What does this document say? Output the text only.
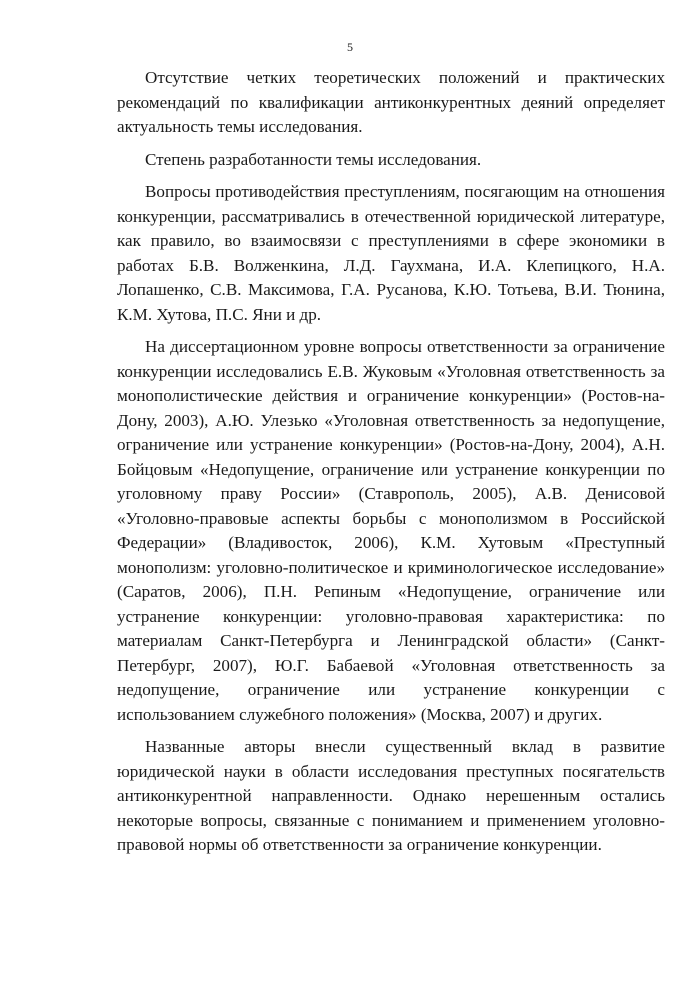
5

Отсутствие четких теоретических положений и практических рекомендаций по квалификации антиконкурентных деяний определяет актуальность темы исследования.

Степень разработанности темы исследования.

Вопросы противодействия преступлениям, посягающим на отношения конкуренции, рассматривались в отечественной юридической литературе, как правило, во взаимосвязи с преступлениями в сфере экономики в работах Б.В. Волженкина, Л.Д. Гаухмана, И.А. Клепицкого, Н.А. Лопашенко, С.В. Максимова, Г.А. Русанова, К.Ю. Тотьева, В.И. Тюнина, К.М. Хутова, П.С. Яни и др.

На диссертационном уровне вопросы ответственности за ограничение конкуренции исследовались Е.В. Жуковым «Уголовная ответственность за монополистические действия и ограничение конкуренции» (Ростов-на-Дону, 2003), А.Ю. Улезько «Уголовная ответственность за недопущение, ограничение или устранение конкуренции» (Ростов-на-Дону, 2004), А.Н. Бойцовым «Недопущение, ограничение или устранение конкуренции по уголовному праву России» (Ставрополь, 2005), А.В. Денисовой «Уголовно-правовые аспекты борьбы с монополизмом в Российской Федерации» (Владивосток, 2006), К.М. Хутовым «Преступный монополизм: уголовно-политическое и криминологическое исследование» (Саратов, 2006), П.Н. Репиным «Недопущение, ограничение или устранение конкуренции: уголовно-правовая характеристика: по материалам Санкт-Петербурга и Ленинградской области» (Санкт-Петербург, 2007), Ю.Г. Бабаевой «Уголовная ответственность за недопущение, ограничение или устранение конкуренции с использованием служебного положения» (Москва, 2007) и других.

Названные авторы внесли существенный вклад в развитие юридической науки в области исследования преступных посягательств антиконкурентной направленности. Однако нерешенным остались некоторые вопросы, связанные с пониманием и применением уголовно-правовой нормы об ответственности за ограничение конкуренции.
